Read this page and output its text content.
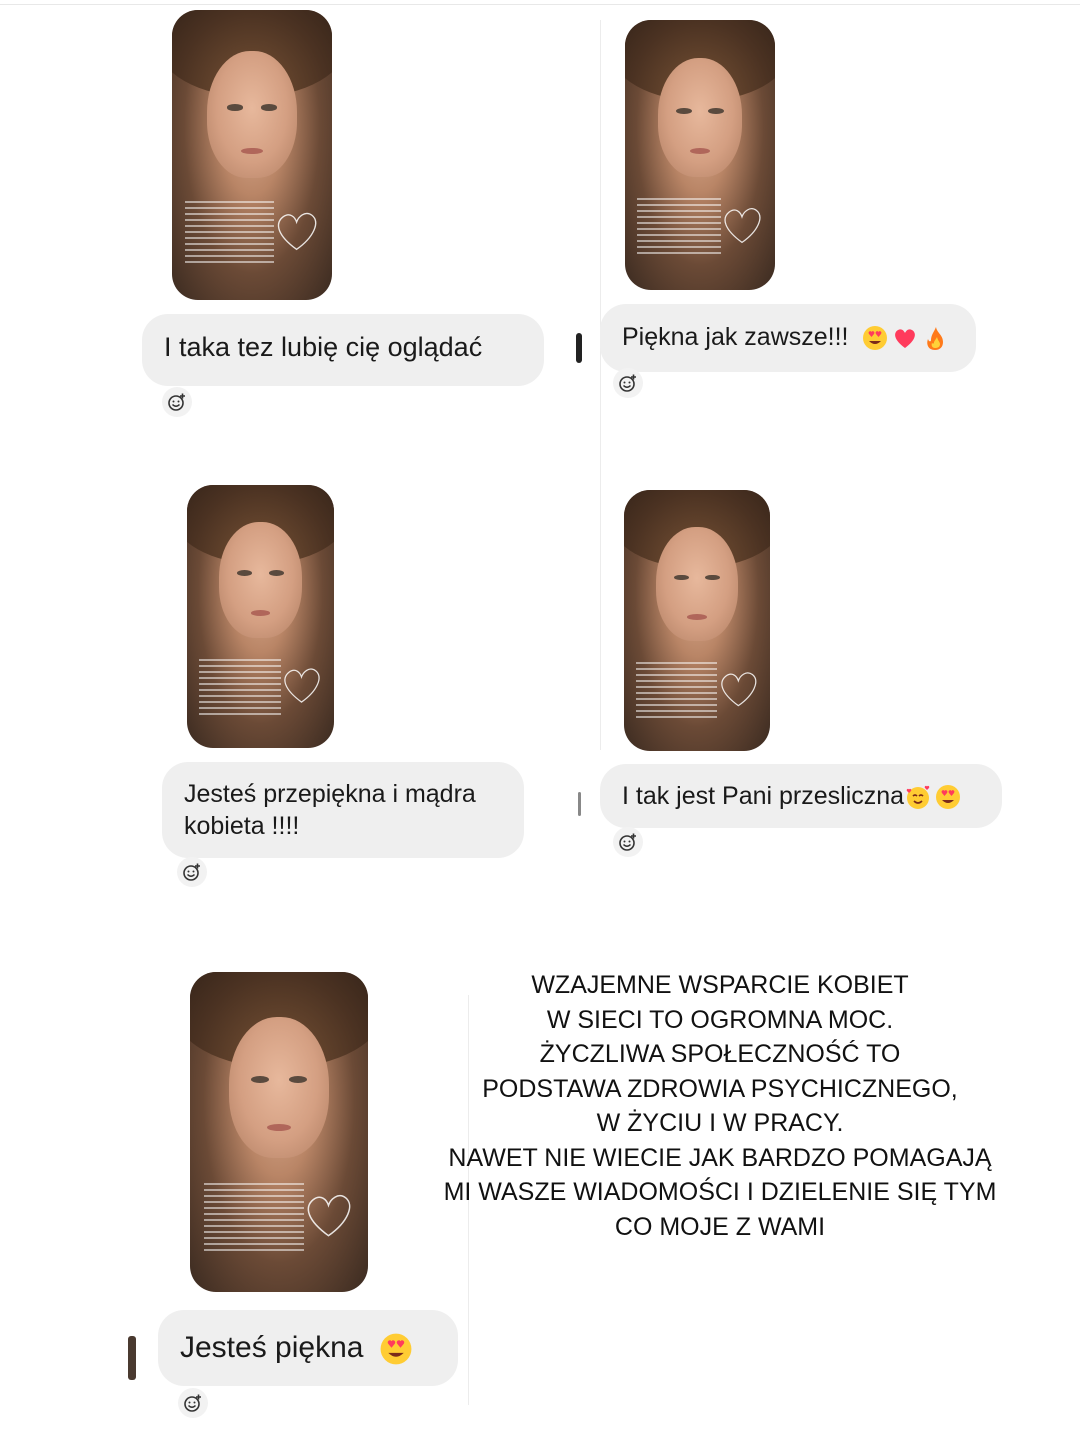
I taka tez lubię cię oglądać	Piękna jak zawsze!!!
Jesteś przepiękna i mądra kobieta !!!!
I tak jest Pani przesliczna
Jesteś piękna
WZAJEMNE WSPARCIE KOBIET
W SIECI TO OGROMNA MOC.
ŻYCZLIWA SPOŁECZNOŚĆ TO
PODSTAWA ZDROWIA PSYCHICZNEGO,
W ŻYCIU I W PRACY.
NAWET NIE WIECIE JAK BARDZO POMAGAJĄ
MI WASZE WIADOMOŚCI I DZIELENIE SIĘ TYM
CO MOJE Z WAMI
